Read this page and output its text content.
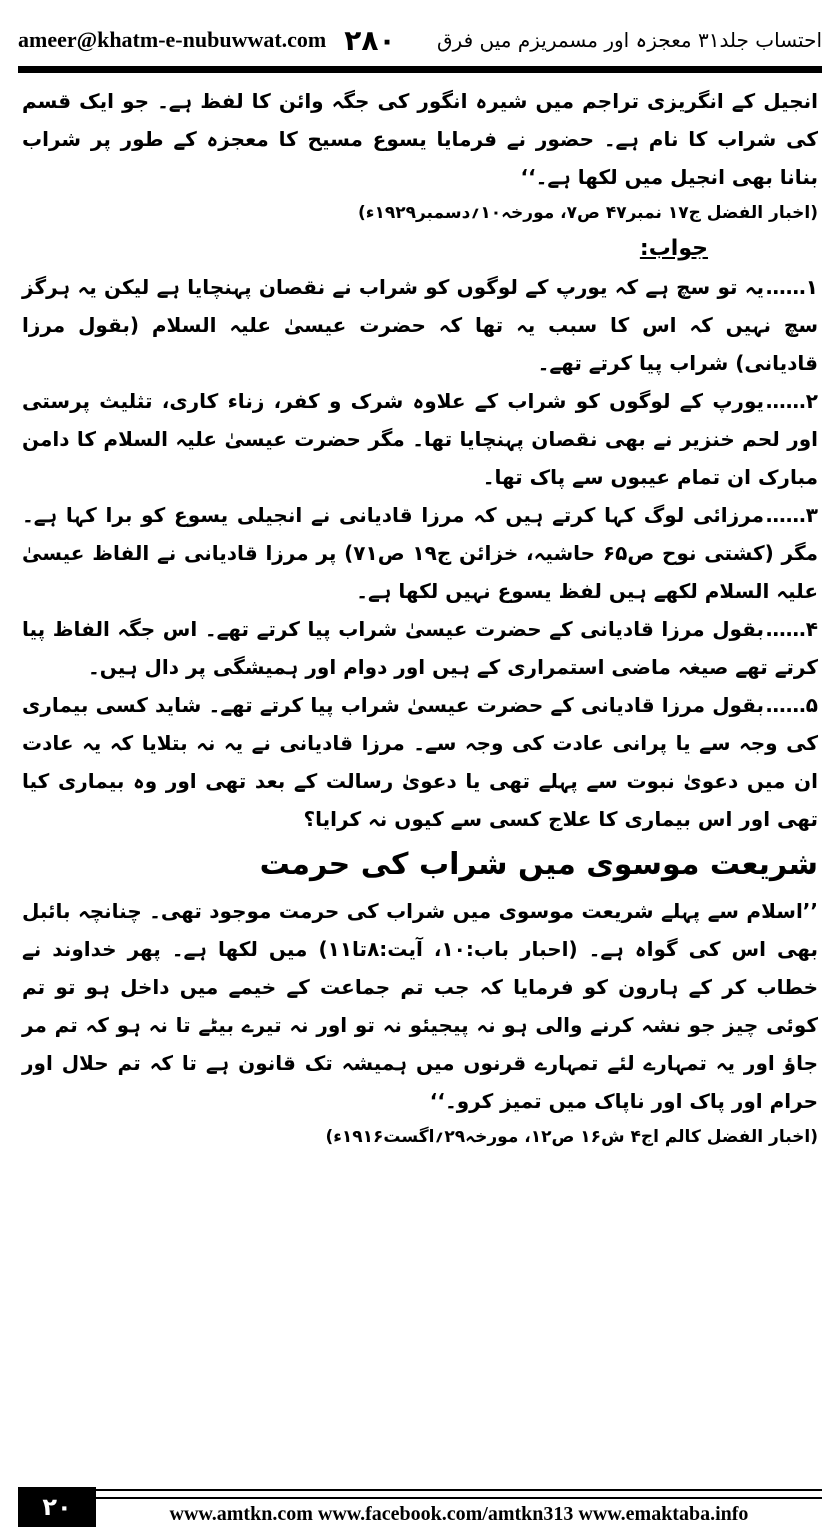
ameer@khatm-e-nubuwwat.com ۲۸۰ احتساب جلد۳۱ معجزہ اور مسمریزم میں فرق

انجیل کے انگریزی تراجم میں شیرہ انگور کی جگہ وائن کا لفظ ہے۔ جو ایک قسم کی شراب کا نام ہے۔ حضور نے فرمایا یسوع مسیح کا معجزہ کے طور پر شراب بنانا بھی انجیل میں لکھا ہے۔‘‘

(اخبار الفضل ج۱۷ نمبر۴۷ ص۷، مورخہ۱۰؍دسمبر۱۹۲۹ء)

جواب:

۱……یہ تو سچ ہے کہ یورپ کے لوگوں کو شراب نے نقصان پہنچایا ہے لیکن یہ ہرگز سچ نہیں کہ اس کا سبب یہ تھا کہ حضرت عیسیٰ علیہ السلام (بقول مرزا قادیانی) شراب پیا کرتے تھے۔

۲……یورپ کے لوگوں کو شراب کے علاوہ شرک و کفر، زناء کاری، تثلیث پرستی اور لحم خنزیر نے بھی نقصان پہنچایا تھا۔ مگر حضرت عیسیٰ علیہ السلام کا دامن مبارک ان تمام عیبوں سے پاک تھا۔

۳……مرزائی لوگ کہا کرتے ہیں کہ مرزا قادیانی نے انجیلی یسوع کو برا کہا ہے۔ مگر (کشتی نوح ص۶۵ حاشیہ، خزائن ج۱۹ ص۷۱) پر مرزا قادیانی نے الفاظ عیسیٰ علیہ السلام لکھے ہیں لفظ یسوع نہیں لکھا ہے۔

۴……بقول مرزا قادیانی کے حضرت عیسیٰ شراب پیا کرتے تھے۔ اس جگہ الفاظ پیا کرتے تھے صیغہ ماضی استمراری کے ہیں اور دوام اور ہمیشگی پر دال ہیں۔

۵……بقول مرزا قادیانی کے حضرت عیسیٰ شراب پیا کرتے تھے۔ شاید کسی بیماری کی وجہ سے یا پرانی عادت کی وجہ سے۔ مرزا قادیانی نے یہ نہ بتلایا کہ یہ عادت ان میں دعویٰ نبوت سے پہلے تھی یا دعویٰ رسالت کے بعد تھی اور وہ بیماری کیا تھی اور اس بیماری کا علاج کسی سے کیوں نہ کرایا؟

شریعت موسوی میں شراب کی حرمت

’’اسلام سے پہلے شریعت موسوی میں شراب کی حرمت موجود تھی۔ چنانچہ بائبل بھی اس کی گواہ ہے۔ (احبار باب:۱۰، آیت:۸تا۱۱) میں لکھا ہے۔ پھر خداوند نے خطاب کر کے ہارون کو فرمایا کہ جب تم جماعت کے خیمے میں داخل ہو تو تم کوئی چیز جو نشہ کرنے والی ہو نہ پیجیئو نہ تو اور نہ تیرے بیٹے تا نہ ہو کہ تم مر جاؤ اور یہ تمہارے لئے تمہارے قرنوں میں ہمیشہ تک قانون ہے تا کہ تم حلال اور حرام اور پاک اور ناپاک میں تمیز کرو۔‘‘

(اخبار الفضل کالم اج۴ ش۱۶ ص۱۲، مورخہ۲۹؍اگست۱۹۱۶ء)

۲۰	www.amtkn.com www.facebook.com/amtkn313 www.emaktaba.info
